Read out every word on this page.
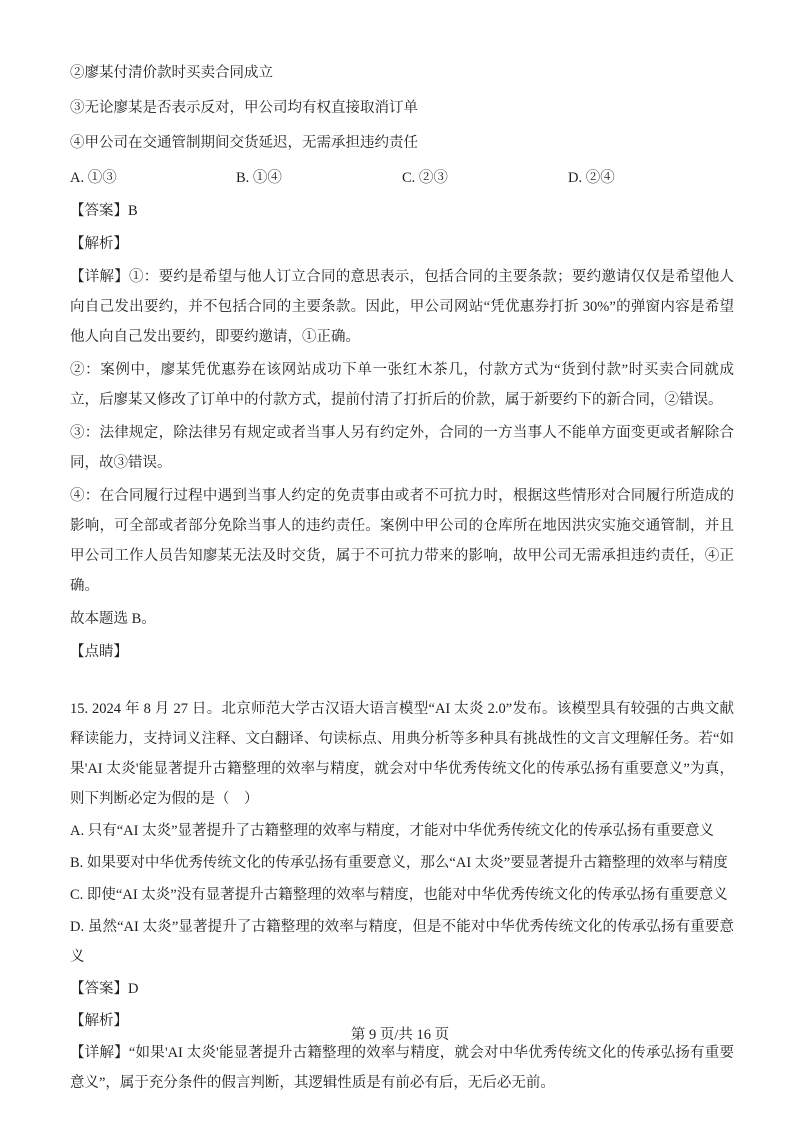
②廖某付清价款时买卖合同成立

③无论廖某是否表示反对，甲公司均有权直接取消订单

④甲公司在交通管制期间交货延迟，无需承担违约责任

A. ①③	B. ①④	C. ②③	D. ②④

【答案】B

【解析】

【详解】①：要约是希望与他人订立合同的意思表示，包括合同的主要条款；要约邀请仅仅是希望他人向自己发出要约，并不包括合同的主要条款。因此，甲公司网站“凭优惠券打折 30%”的弹窗内容是希望他人向自己发出要约，即要约邀请，①正确。

②：案例中，廖某凭优惠券在该网站成功下单一张红木茶几，付款方式为“货到付款”时买卖合同就成立，后廖某又修改了订单中的付款方式，提前付清了打折后的价款，属于新要约下的新合同，②错误。

③：法律规定，除法律另有规定或者当事人另有约定外，合同的一方当事人不能单方面变更或者解除合同，故③错误。

④：在合同履行过程中遇到当事人约定的免责事由或者不可抗力时，根据这些情形对合同履行所造成的影响，可全部或者部分免除当事人的违约责任。案例中甲公司的仓库所在地因洪灾实施交通管制，并且甲公司工作人员告知廖某无法及时交货，属于不可抗力带来的影响，故甲公司无需承担违约责任，④正确。

故本题选 B。

【点睛】

15. 2024 年 8 月 27 日。北京师范大学古汉语大语言模型“AI 太炎 2.0”发布。该模型具有较强的古典文献释读能力，支持词义注释、文白翻译、句读标点、用典分析等多种具有挑战性的文言文理解任务。若“如果'AI 太炎'能显著提升古籍整理的效率与精度，就会对中华优秀传统文化的传承弘扬有重要意义”为真，则下判断必定为假的是（　）

A. 只有“AI 太炎”显著提升了古籍整理的效率与精度，才能对中华优秀传统文化的传承弘扬有重要意义

B. 如果要对中华优秀传统文化的传承弘扬有重要意义，那么“AI 太炎”要显著提升古籍整理的效率与精度

C. 即使“AI 太炎”没有显著提升古籍整理的效率与精度，也能对中华优秀传统文化的传承弘扬有重要意义

D. 虽然“AI 太炎”显著提升了古籍整理的效率与精度，但是不能对中华优秀传统文化的传承弘扬有重要意义

【答案】D

【解析】

【详解】“如果'AI 太炎'能显著提升古籍整理的效率与精度，就会对中华优秀传统文化的传承弘扬有重要意义”，属于充分条件的假言判断，其逻辑性质是有前必有后，无后必无前。

第 9 页/共 16 页
